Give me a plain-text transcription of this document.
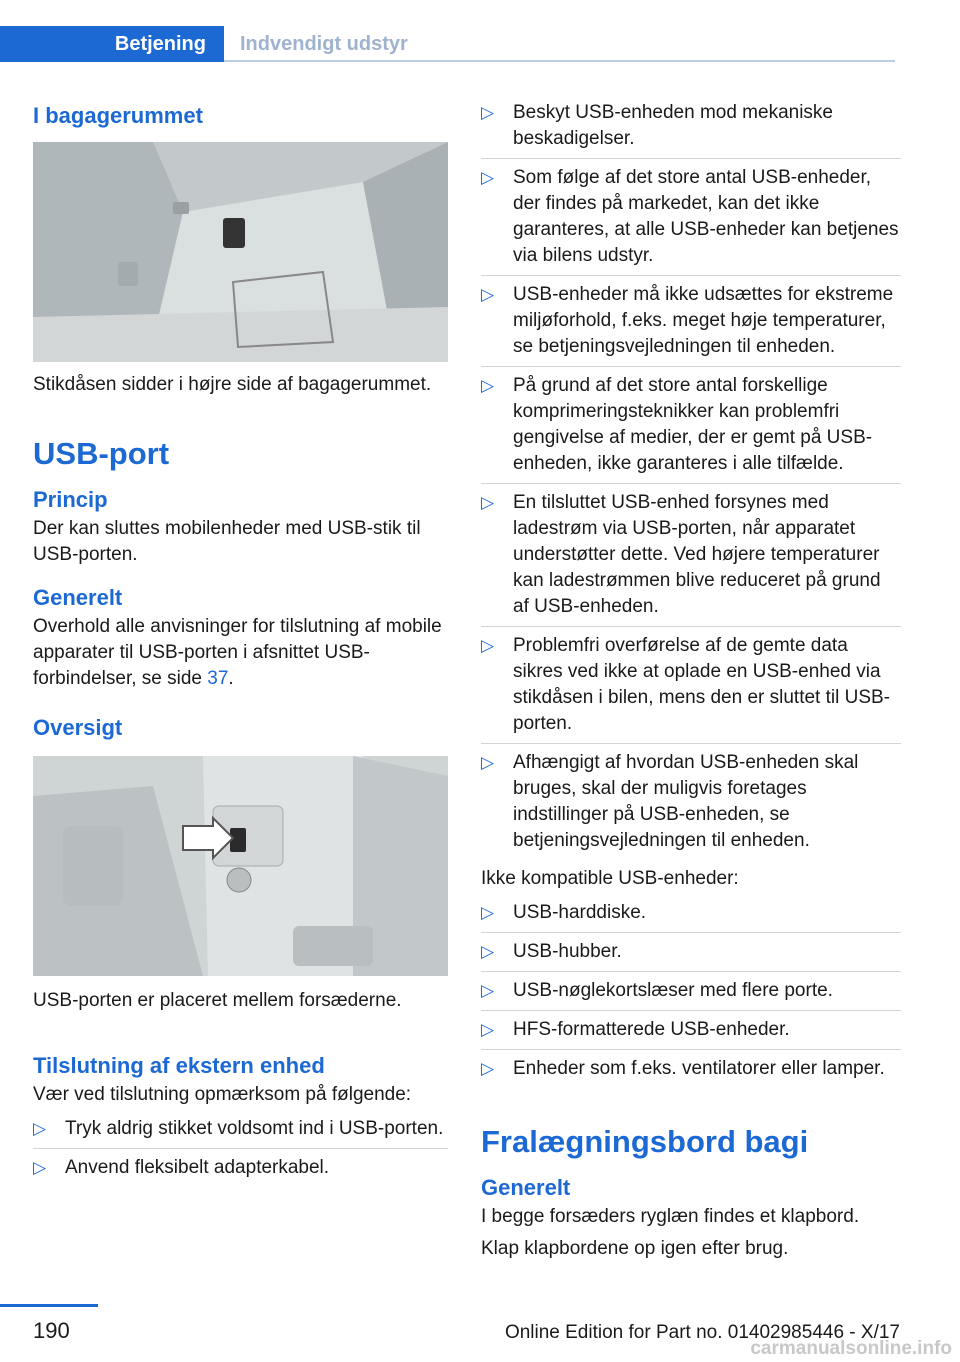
Betjening	Indvendigt udstyr
I bagagerummet

Stikdåsen sidder i højre side af bagagerummet.

USB-port
Princip

Der kan sluttes mobilenheder med USB-stik til USB-porten.

Generelt

Overhold alle anvisninger for tilslutning af mobile apparater til USB-porten i afsnittet USB-forbindelser, se side 37.

Oversigt

USB-porten er placeret mellem forsæderne.

Tilslutning af ekstern enhed

Vær ved tilslutning opmærksom på følgende:

▷ Tryk aldrig stikket voldsomt ind i USB-porten.
▷ Anvend fleksibelt adapterkabel.
▷ Beskyt USB-enheden mod mekaniske beskadigelser.
▷ Som følge af det store antal USB-enheder, der findes på markedet, kan det ikke garanteres, at alle USB-enheder kan betjenes via bilens udstyr.
▷ USB-enheder må ikke udsættes for ekstreme miljøforhold, f.eks. meget høje temperaturer, se betjeningsvejledningen til enheden.
▷ På grund af det store antal forskellige komprimeringsteknikker kan problemfri gengivelse af medier, der er gemt på USB-enheden, ikke garanteres i alle tilfælde.
▷ En tilsluttet USB-enhed forsynes med ladestrøm via USB-porten, når apparatet understøtter dette. Ved højere temperaturer kan ladestrømmen blive reduceret på grund af USB-enheden.
▷ Problemfri overførelse af de gemte data sikres ved ikke at oplade en USB-enhed via stikdåsen i bilen, mens den er sluttet til USB-porten.
▷ Afhængigt af hvordan USB-enheden skal bruges, skal der muligvis foretages indstillinger på USB-enheden, se betjeningsvejledningen til enheden.

Ikke kompatible USB-enheder:

▷ USB-harddiske.
▷ USB-hubber.
▷ USB-nøglekortslæser med flere porte.
▷ HFS-formatterede USB-enheder.
▷ Enheder som f.eks. ventilatorer eller lamper.
Fralægningsbord bagi
Generelt

I begge forsæders ryglæn findes et klapbord.

Klap klapbordene op igen efter brug.

190	Online Edition for Part no. 01402985446 - X/17
carmanualsonline.info
